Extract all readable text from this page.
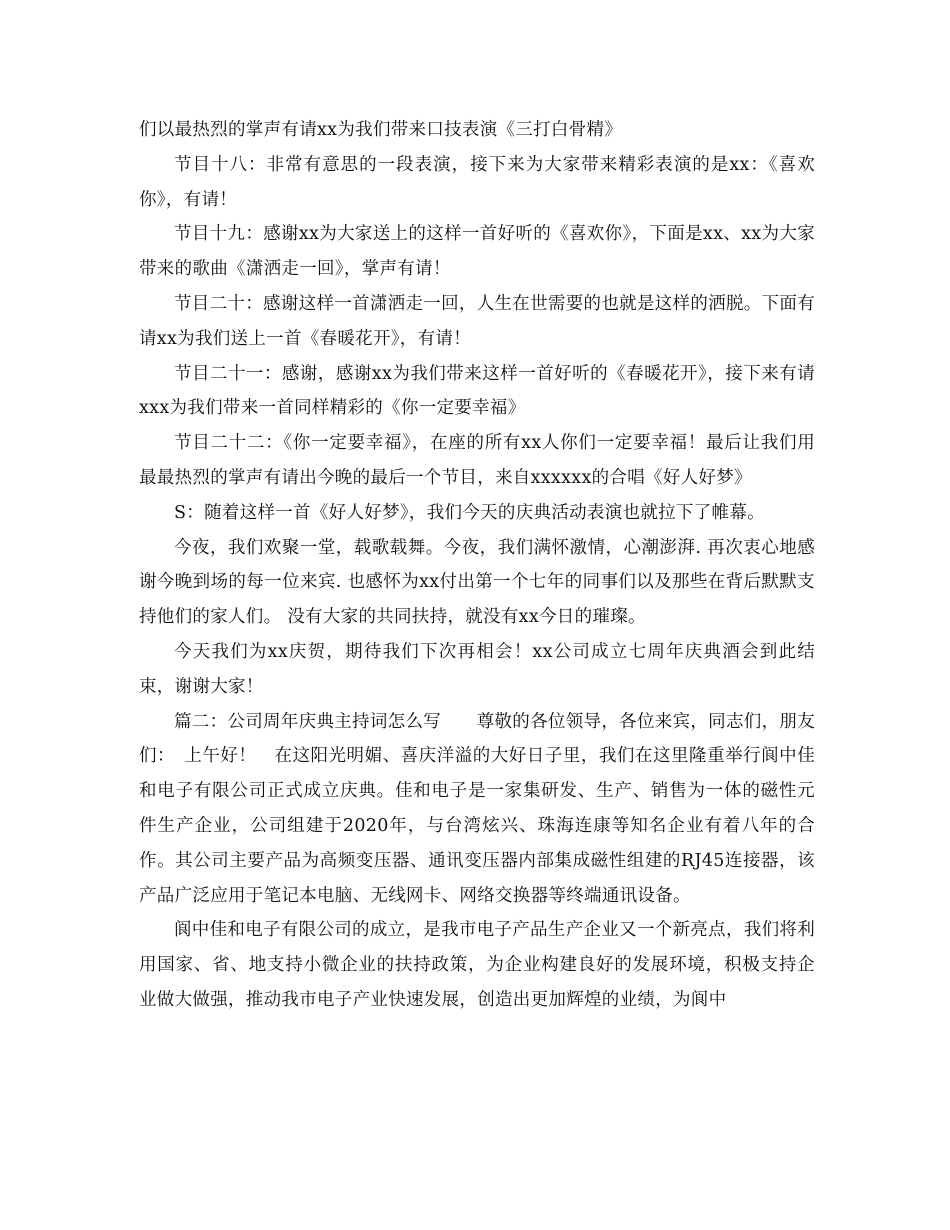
们以最热烈的掌声有请xx为我们带来口技表演《三打白骨精》

节目十八：非常有意思的一段表演，接下来为大家带来精彩表演的是xx：《喜欢你》，有请！

节目十九：感谢xx为大家送上的这样一首好听的《喜欢你》，下面是xx、xx为大家带来的歌曲《潇洒走一回》，掌声有请！

节目二十：感谢这样一首潇洒走一回，人生在世需要的也就是这样的洒脱。下面有请xx为我们送上一首《春暖花开》，有请！

节目二十一：感谢，感谢xx为我们带来这样一首好听的《春暖花开》，接下来有请xxx为我们带来一首同样精彩的《你一定要幸福》

节目二十二：《你一定要幸福》，在座的所有xx人你们一定要幸福！最后让我们用最最热烈的掌声有请出今晚的最后一个节目，来自xxxxxx的合唱《好人好梦》

S：随着这样一首《好人好梦》，我们今天的庆典活动表演也就拉下了帷幕。

今夜，我们欢聚一堂，载歌载舞。今夜，我们满怀激情，心潮澎湃. 再次衷心地感谢今晚到场的每一位来宾. 也感怀为xx付出第一个七年的同事们以及那些在背后默默支持他们的家人们。 没有大家的共同扶持，就没有xx今日的璀璨。

今天我们为xx庆贺，期待我们下次再相会！xx公司成立七周年庆典酒会到此结束，谢谢大家！

篇二：公司周年庆典主持词怎么写　　尊敬的各位领导，各位来宾，同志们，朋友们：　上午好！　在这阳光明媚、喜庆洋溢的大好日子里，我们在这里隆重举行阆中佳和电子有限公司正式成立庆典。佳和电子是一家集研发、生产、销售为一体的磁性元件生产企业，公司组建于2020年，与台湾炫兴、珠海连康等知名企业有着八年的合作。其公司主要产品为高频变压器、通讯变压器内部集成磁性组建的RJ45连接器，该产品广泛应用于笔记本电脑、无线网卡、网络交换器等终端通讯设备。

阆中佳和电子有限公司的成立，是我市电子产品生产企业又一个新亮点，我们将利用国家、省、地支持小微企业的扶持政策，为企业构建良好的发展环境，积极支持企业做大做强，推动我市电子产业快速发展，创造出更加辉煌的业绩，为阆中
